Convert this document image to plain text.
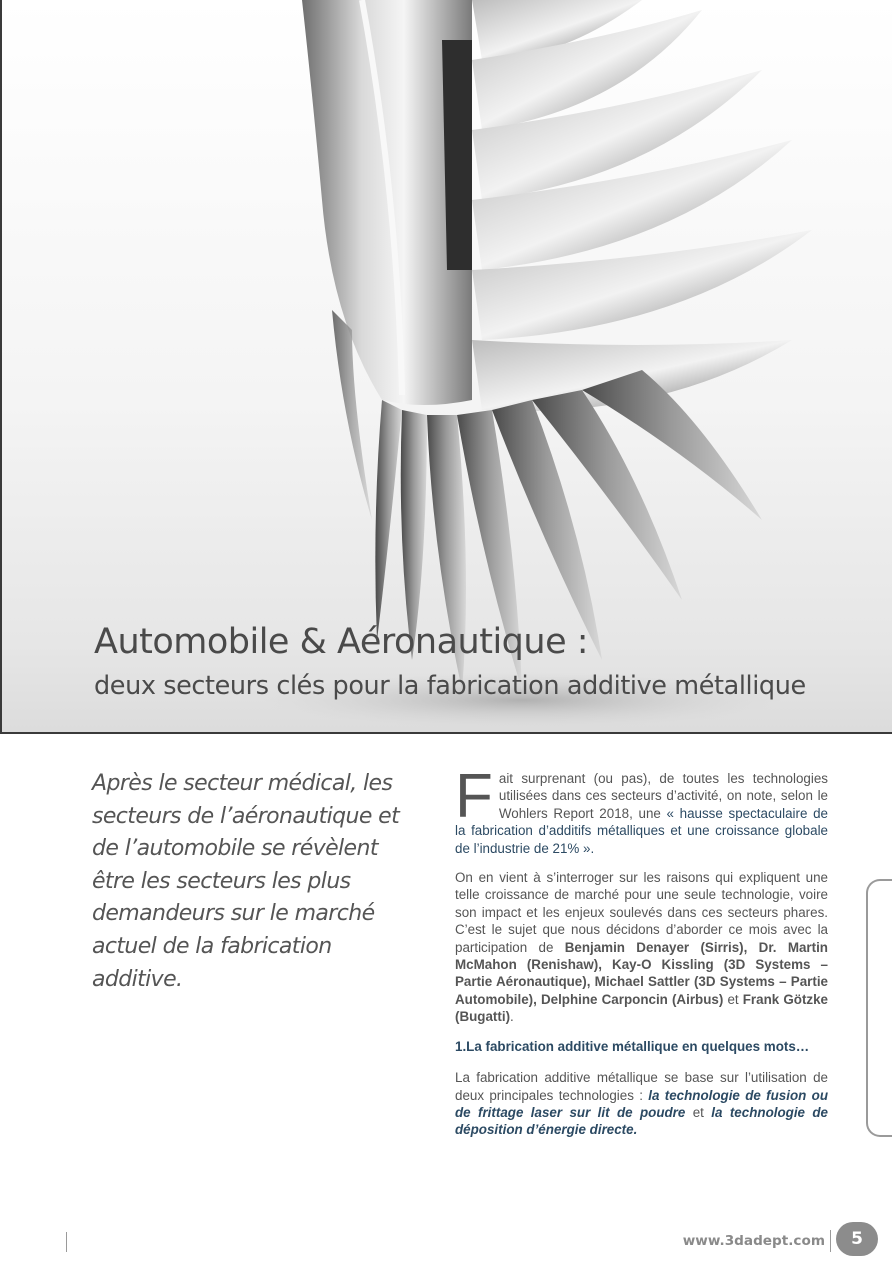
Automobile & Aéronautique :
deux secteurs clés pour la fabrication additive métallique
Après le secteur médical, les secteurs de l’aéronautique et de l’automobile se révèlent être les secteurs les plus demandeurs sur le marché actuel de la fabrication additive.

F ait surprenant (ou pas), de toutes les technologies utilisées dans ces secteurs d’activité, on note, selon le Wohlers Report 2018, une « hausse spectaculaire de la fabrication d’additifs métalliques et une croissance globale de l’industrie de 21% ».

On en vient à s’interroger sur les raisons qui expliquent une telle croissance de marché pour une seule technologie, voire son impact et les enjeux soulevés dans ces secteurs phares. C’est le sujet que nous décidons d’aborder ce mois avec la participation de Benjamin Denayer (Sirris), Dr. Martin McMahon (Renishaw), Kay-O Kissling (3D Systems – Partie Aéronautique), Michael Sattler (3D Systems – Partie Automobile), Delphine Carponcin (Airbus) et Frank Götzke (Bugatti).

1.La fabrication additive métallique en quelques mots…

La fabrication additive métallique se base sur l’utilisation de deux principales technologies : la technologie de fusion ou de frittage laser sur lit de poudre et la technologie de déposition d’énergie directe.

www.3dadept.com	5
